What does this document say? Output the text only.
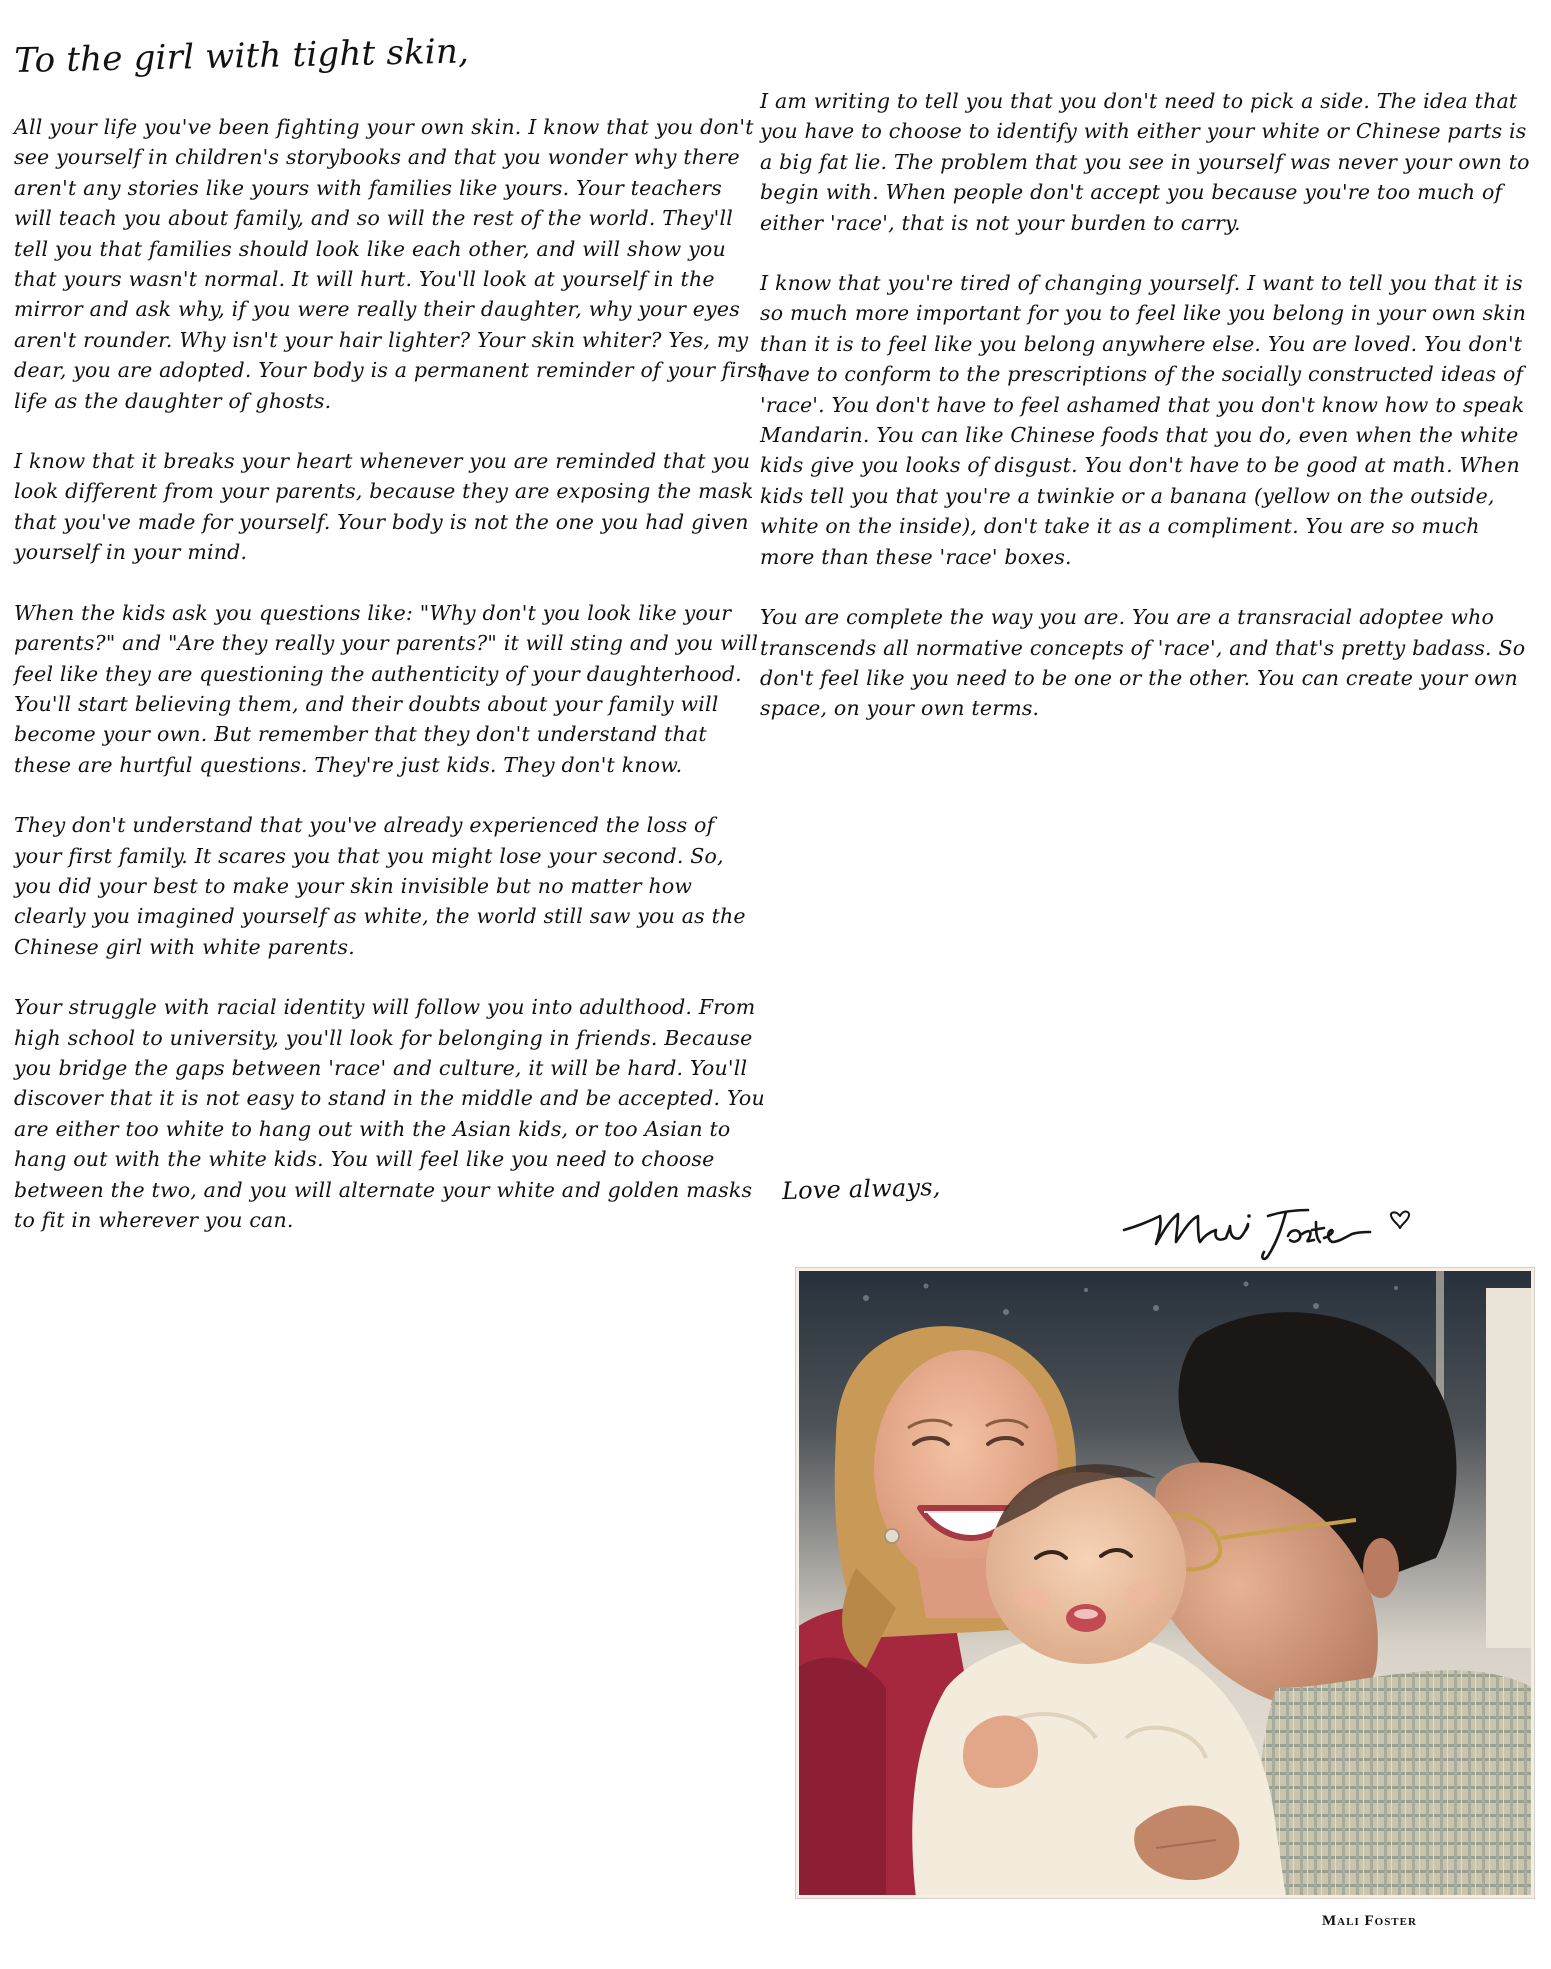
To the girl with tight skin,

All your life you've been fighting your own skin. I know that you don't see yourself in children's storybooks and that you wonder why there aren't any stories like yours with families like yours. Your teachers will teach you about family, and so will the rest of the world. They'll tell you that families should look like each other, and will show you that yours wasn't normal. It will hurt. You'll look at yourself in the mirror and ask why, if you were really their daughter, why your eyes aren't rounder. Why isn't your hair lighter? Your skin whiter? Yes, my dear, you are adopted. Your body is a permanent reminder of your first life as the daughter of ghosts.

I know that it breaks your heart whenever you are reminded that you look different from your parents, because they are exposing the mask that you've made for yourself. Your body is not the one you had given yourself in your mind.

When the kids ask you questions like: "Why don't you look like your parents?" and "Are they really your parents?" it will sting and you will feel like they are questioning the authenticity of your daughterhood. You'll start believing them, and their doubts about your family will become your own. But remember that they don't understand that these are hurtful questions. They're just kids. They don't know.

They don't understand that you've already experienced the loss of your first family. It scares you that you might lose your second. So, you did your best to make your skin invisible but no matter how clearly you imagined yourself as white, the world still saw you as the Chinese girl with white parents.

Your struggle with racial identity will follow you into adulthood. From high school to university, you'll look for belonging in friends. Because you bridge the gaps between 'race' and culture, it will be hard. You'll discover that it is not easy to stand in the middle and be accepted. You are either too white to hang out with the Asian kids, or too Asian to hang out with the white kids. You will feel like you need to choose between the two, and you will alternate your white and golden masks to fit in wherever you can.

I am writing to tell you that you don't need to pick a side. The idea that you have to choose to identify with either your white or Chinese parts is a big fat lie. The problem that you see in yourself was never your own to begin with. When people don't accept you because you're too much of either 'race', that is not your burden to carry.

I know that you're tired of changing yourself. I want to tell you that it is so much more important for you to feel like you belong in your own skin than it is to feel like you belong anywhere else. You are loved. You don't have to conform to the prescriptions of the socially constructed ideas of 'race'. You don't have to feel ashamed that you don't know how to speak Mandarin. You can like Chinese foods that you do, even when the white kids give you looks of disgust. You don't have to be good at math. When kids tell you that you're a twinkie or a banana (yellow on the outside, white on the inside), don't take it as a compliment. You are so much more than these 'race' boxes.

You are complete the way you are. You are a transracial adoptee who transcends all normative concepts of 'race', and that's pretty badass. So don't feel like you need to be one or the other. You can create your own space, on your own terms.

Love always,
Mali Foster
